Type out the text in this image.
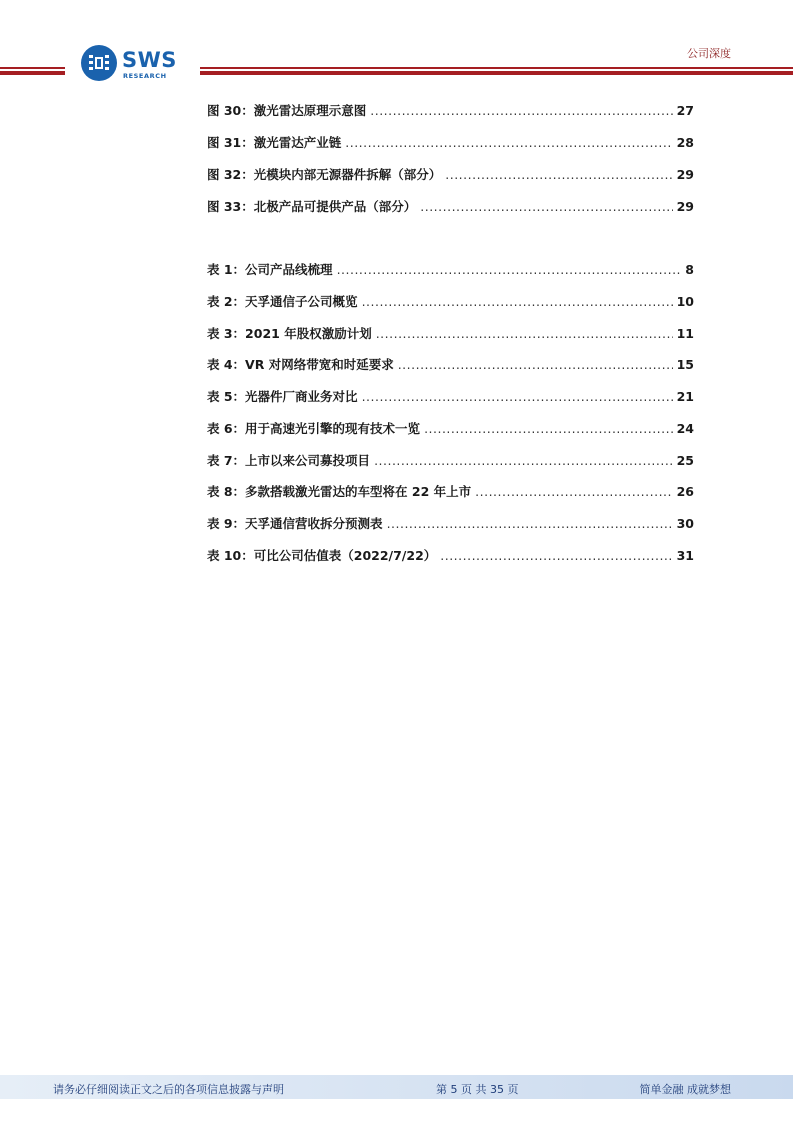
SWS
RESEARCH
公司深度
图 30：激光雷达原理示意图 .....	27
图 31：激光雷达产业链 .....	28
图 32：光模块内部无源器件拆解（部分） .....	29
图 33：北极产品可提供产品（部分） .....	29
表 1：公司产品线梳理 .....	8
表 2：天孚通信子公司概览 .....	10
表 3：2021 年股权激励计划 .....	11
表 4：VR 对网络带宽和时延要求 .....	15
表 5：光器件厂商业务对比 .....	21
表 6：用于高速光引擎的现有技术一览 .....	24
表 7：上市以来公司募投项目 .....	25
表 8：多款搭载激光雷达的车型将在 22 年上市 .....	26
表 9：天孚通信营收拆分预测表 .....	30
表 10：可比公司估值表（2022/7/22） .....	31
请务必仔细阅读正文之后的各项信息披露与声明	第 5 页 共 35 页	简单金融 成就梦想
